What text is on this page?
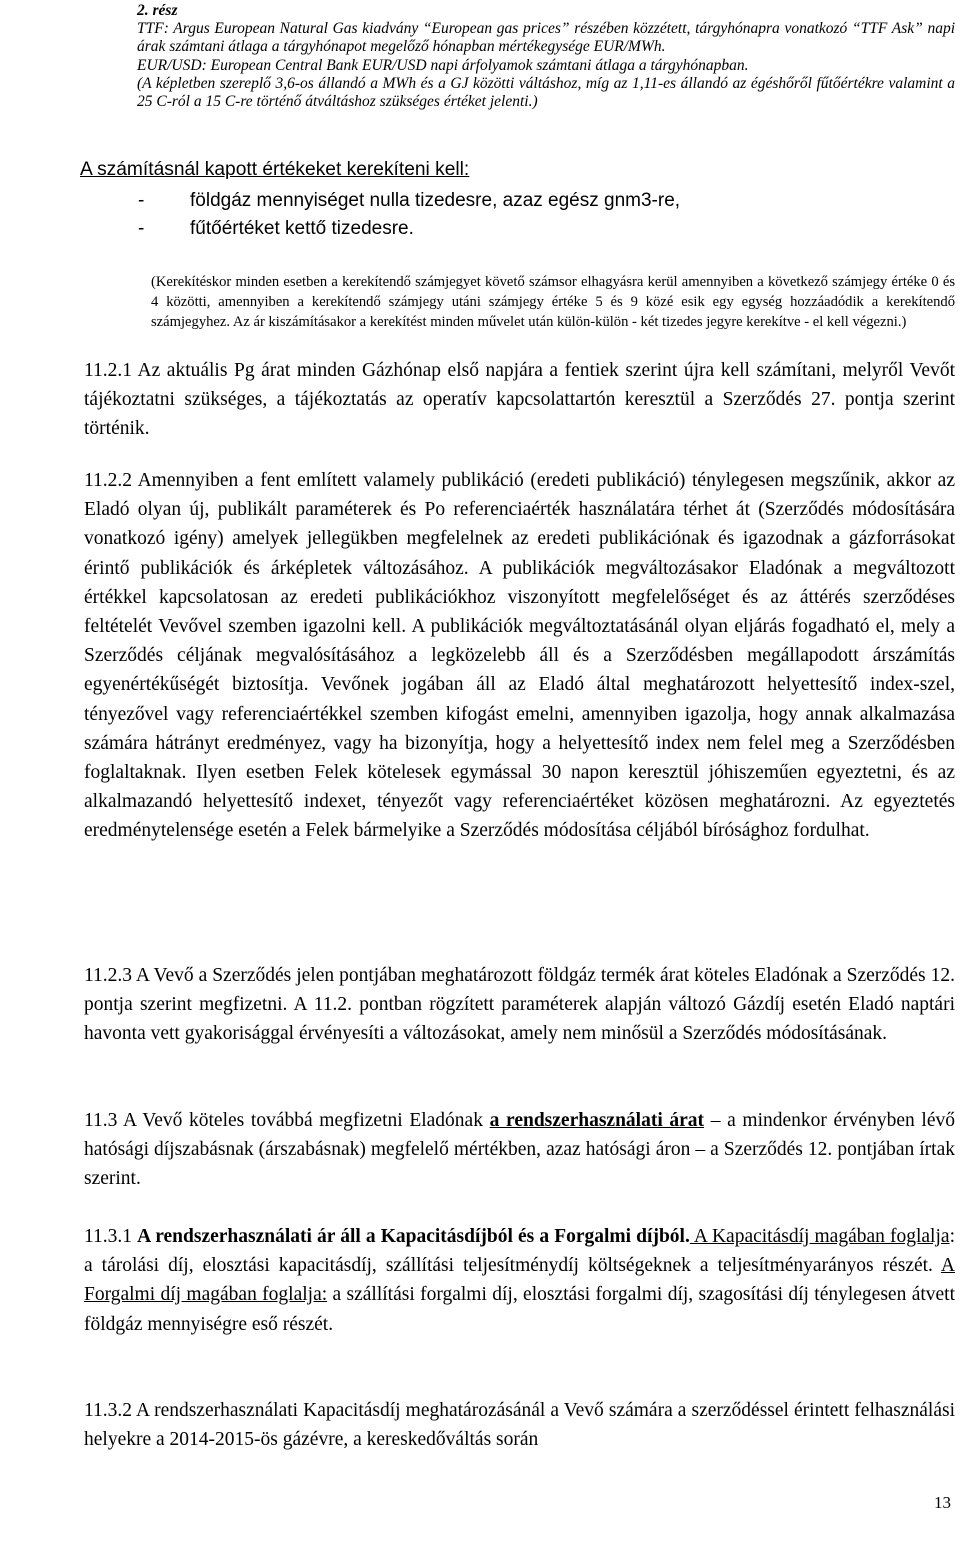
2. rész
TTF: Argus European Natural Gas kiadvány “European gas prices” részében közzétett, tárgyhónapra vonatkozó “TTF Ask” napi árak számtani átlaga a tárgyhónapot megelőző hónapban mértékegysége EUR/MWh.
EUR/USD: European Central Bank EUR/USD napi árfolyamok számtani átlaga a tárgyhónapban.
(A képletben szereplő 3,6-os állandó a MWh és a GJ közötti váltáshoz, míg az 1,11-es állandó az égéshőről fűtőértékre valamint a 25 C-ról a 15 C-re történő átváltáshoz szükséges értéket jelenti.)
A számításnál kapott értékeket kerekíteni kell:
- földgáz mennyiséget nulla tizedesre, azaz egész gnm3-re,
- fűtőértéket kettő tizedesre.
(Kerekítéskor minden esetben a kerekítendő számjegyet követő számsor elhagyásra kerül amennyiben a következő számjegy értéke 0 és 4 közötti, amennyiben a kerekítendő számjegy utáni számjegy értéke 5 és 9 közé esik egy egység hozzáadódik a kerekítendő számjegyhez. Az ár kiszámításakor a kerekítést minden művelet után külön-külön - két tizedes jegyre kerekítve - el kell végezni.)
11.2.1 Az aktuális Pg árat minden Gázhónap első napjára a fentiek szerint újra kell számítani, melyről Vevőt tájékoztatni szükséges, a tájékoztatás az operatív kapcsolattartón keresztül a Szerződés 27. pontja szerint történik.
11.2.2 Amennyiben a fent említett valamely publikáció (eredeti publikáció) ténylegesen megszűnik, akkor az Eladó olyan új, publikált paraméterek és Po referenciaérték használatára térhet át (Szerződés módosítására vonatkozó igény) amelyek jellegükben megfelelnek az eredeti publikációnak és igazodnak a gázforrásokat érintő publikációk és árképletek változásához. A publikációk megváltozásakor Eladónak a megváltozott értékkel kapcsolatosan az eredeti publikációkhoz viszonyított megfelelőséget és az áttérés szerződéses feltételét Vevővel szemben igazolni kell. A publikációk megváltoztatásánál olyan eljárás fogadható el, mely a Szerződés céljának megvalósításához a legközelebb áll és a Szerződésben megállapodott árszámítás egyenértékűségét biztosítja. Vevőnek jogában áll az Eladó által meghatározott helyettesítő index-szel, tényezővel vagy referenciaértékkel szemben kifogást emelni, amennyiben igazolja, hogy annak alkalmazása számára hátrányt eredményez, vagy ha bizonyítja, hogy a helyettesítő index nem felel meg a Szerződésben foglaltaknak. Ilyen esetben Felek kötelesek egymással 30 napon keresztül jóhiszeműen egyeztetni, és az alkalmazandó helyettesítő indexet, tényezőt vagy referenciaértéket közösen meghatározni. Az egyeztetés eredménytelensége esetén a Felek bármelyike a Szerződés módosítása céljából bírósághoz fordulhat.
11.2.3 A Vevő a Szerződés jelen pontjában meghatározott földgáz termék árat köteles Eladónak a Szerződés 12. pontja szerint megfizetni. A 11.2. pontban rögzített paraméterek alapján változó Gázdíj esetén Eladó naptári havonta vett gyakorisággal érvényesíti a változásokat, amely nem minősül a Szerződés módosításának.
11.3 A Vevő köteles továbbá megfizetni Eladónak a rendszerhasználati árat – a mindenkor érvényben lévő hatósági díjszabásnak (árszabásnak) megfelelő mértékben, azaz hatósági áron – a Szerződés 12. pontjában írtak szerint.
11.3.1 A rendszerhasználati ár áll a Kapacitásdíjból és a Forgalmi díjból. A Kapacitásdíj magában foglalja: a tárolási díj, elosztási kapacitásdíj, szállítási teljesítménydíj költségeknek a teljesítményarányos részét. A Forgalmi díj magában foglalja: a szállítási forgalmi díj, elosztási forgalmi díj, szagosítási díj ténylegesen átvett földgáz mennyiségre eső részét.
11.3.2 A rendszerhasználati Kapacitásdíj meghatározásánál a Vevő számára a szerződéssel érintett felhasználási helyekre a 2014-2015-ös gázévre, a kereskedőváltás során
13
